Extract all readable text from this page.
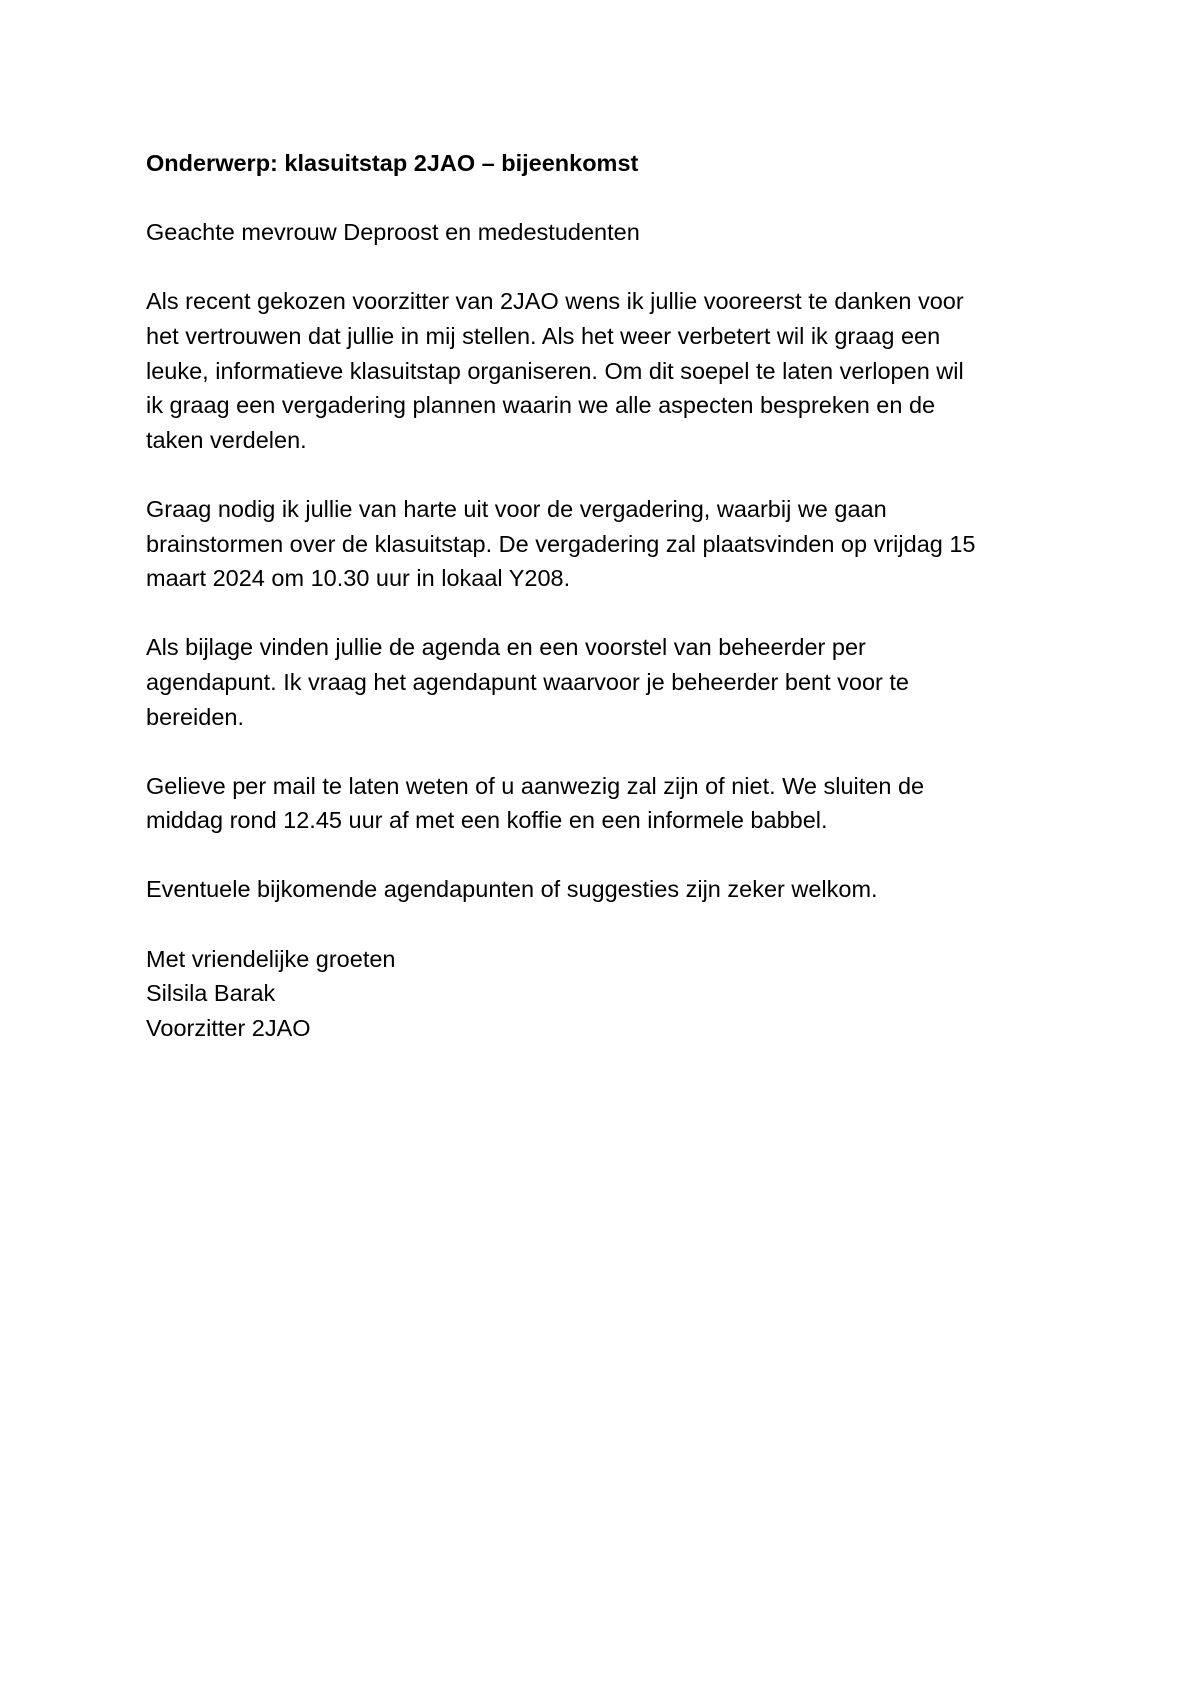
Onderwerp: klasuitstap 2JAO – bijeenkomst

Geachte mevrouw Deproost en medestudenten

Als recent gekozen voorzitter van 2JAO wens ik jullie vooreerst te danken voor
het vertrouwen dat jullie in mij stellen. Als het weer verbetert wil ik graag een
leuke, informatieve klasuitstap organiseren. Om dit soepel te laten verlopen wil
ik graag een vergadering plannen waarin we alle aspecten bespreken en de
taken verdelen.

Graag nodig ik jullie van harte uit voor de vergadering, waarbij we gaan
brainstormen over de klasuitstap. De vergadering zal plaatsvinden op vrijdag 15
maart 2024 om 10.30 uur in lokaal Y208.

Als bijlage vinden jullie de agenda en een voorstel van beheerder per
agendapunt. Ik vraag het agendapunt waarvoor je beheerder bent voor te
bereiden.

Gelieve per mail te laten weten of u aanwezig zal zijn of niet. We sluiten de
middag rond 12.45 uur af met een koffie en een informele babbel.

Eventuele bijkomende agendapunten of suggesties zijn zeker welkom.

Met vriendelijke groeten
Silsila Barak
Voorzitter 2JAO
